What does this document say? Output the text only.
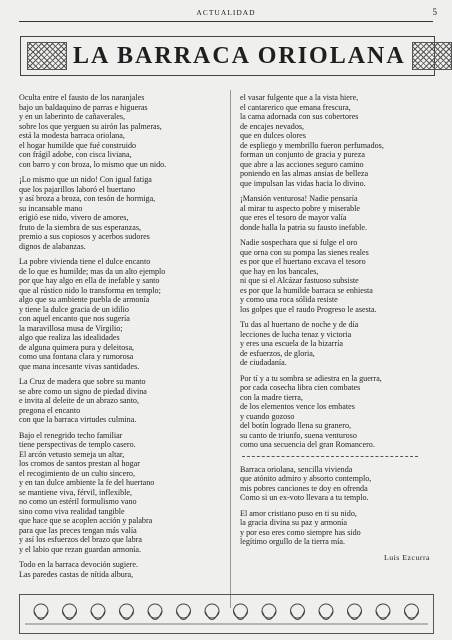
ACTUALIDAD	5
LA BARRACA ORIOLANA
Oculta entre el fausto de los naranjales
bajo un baldaquino de parras e higueras
y en un laberinto de cañaverales,
sobre los que yerguen su airón las palmeras,
está la modesta barraca oriolana,
el hogar humilde que fué construido
con frágil adobe, con cisca liviana,
con barro y con broza, lo mismo que un nido.
¡Lo mismo que un nido! Con igual fatiga
que los pajarillos laboró el huertano
y así broza a broza, con tesón de hormiga,
su incansable mano
erigió ese nido, vivero de amores,
fruto de la siembra de sus esperanzas,
premio a sus copiosos y acerbos sudores
dignos de alabanzas.
La pobre vivienda tiene el dulce encanto
de lo que es humilde; mas da un alto ejemplo
por que hay algo en ella de inefable y santo
que al rústico nido lo transforma en templo;
algo que su ambiente puebla de armonía
y tiene la dulce gracia de un idilio
con aquel encanto que nos sugería
la maravillosa musa de Virgilio;
algo que realiza las idealidades
de alguna quimera pura y deleitosa,
como una fontana clara y rumorosa
que mana incesante vivas santidades.
La Cruz de madera que sobre su manto
se abre como un signo de piedad divina
e invita al deleite de un abrazo santo,
pregona el encanto
con que la barraca virtudes culmina.
Bajo el renegrido techo familiar
tiene perspectivas de templo casero.
El arcón vetusto semeja un altar,
los cromos de santos prestan al hogar
el recogimiento de un culto sincero,
y en tan dulce ambiente la fe del huertano
se mantiene viva, férvil, inflexible,
no como un estéril formulismo vano
sino como viva realidad tangible
que hace que se acoplen acción y palabra
para que las preces tengan más valía
y así los esfuerzos del brazo que labra
y el labio que rezan guardan armonía.
Todo en la barraca devoción sugiere.
Las paredes castas de nítida albura,
el vasar fulgente que a la vista hiere,
el cantarerico que emana frescura,
la cama adornada con sus cobertores
de encajes nevados,
que en dulces olores
de espliego y membrillo fueron perfumados,
forman un conjunto de gracia y pureza
que abre a las acciones seguro camino
poniendo en las almas ansias de belleza
que impulsan las vidas hacia lo divino.
¡Mansión venturosa! Nadie pensaría
al mirar tu aspecto pobre y miserable
que eres el tesoro de mayor valía
donde halla la patria su fausto inefable.
Nadie sospechara que si fulge el oro
que orna con su pompa las sienes reales
es por que el huertano excava el tesoro
que hay en los bancales,
ni que si el Alcázar fastuoso subsiste
es por que la humilde barraca se enhiesta
y como una roca sólida resiste
los golpes que el raudo Progreso le asesta.
Tu das al huertano de noche y de día
lecciones de lucha tenaz y victoria
y eres una escuela de la bizarría
de esfuerzos, de gloria,
de ciudadanía.
Por tí y a tu sombra se adiestra en la guerra,
por cada cosecha libra cien combates
con la madre tierra,
de los elementos vence los embates
y cuando gozoso
del botín logrado llena su granero,
su canto de triunfo, suena venturoso
como una secuencia del gran Romancero.
Barraca oriolana, sencilla vivienda
que atónito admiro y absorto contemplo,
mis pobres canciones te doy en ofrenda
Como si un ex-voto llevara a tu templo.
El amor cristiano puso en ti su nido,
la gracia divina su paz y armonía
y por eso eres como siempre has sido
legítimo orgullo de la tierra mía.
Luis Ezcurra
